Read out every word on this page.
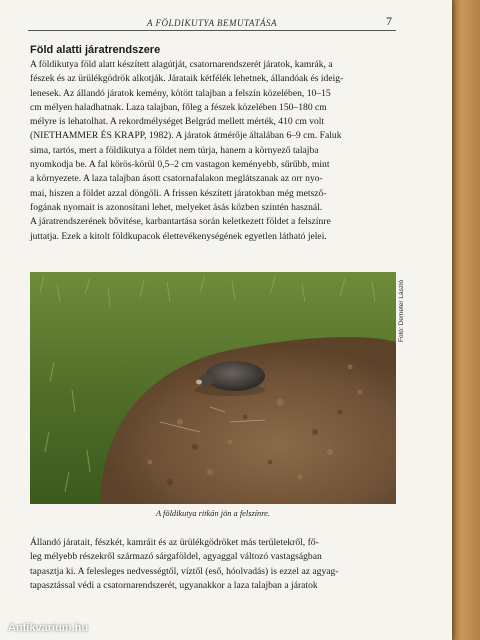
A FÖLDIKUTYA BEMUTATÁSA	7
Föld alatti járatrendszere

A földikutya föld alatt készített alagútját, csatornarendszerét járatok, kamrák, a

fészek és az ürülékgödrök alkotják. Járataik kétfélék lehetnek, állandóak és ideig-

lenesek. Az állandó járatok kemény, kötött talajban a felszín közelében, 10–15

cm mélyen haladhatnak. Laza talajban, főleg a fészek közelében 150–180 cm

mélyre is lehatolhat. A rekordmélységet Belgrád mellett mérték, 410 cm volt

(NIETHAMMER ÉS KRAPP, 1982). A járatok átmérője általában 6–9 cm. Faluk

sima, tartós, mert a földikutya a földet nem túrja, hanem a környező talajba

nyomkodja be. A fal körös-körül 0,5–2 cm vastagon keményebb, sűrűbb, mint

a környezete. A laza talajban ásott csatornafalakon meglátszanak az orr nyo-

mai, hiszen a földet azzal döngöli. A frissen készített járatokban még metsző-

fogának nyomait is azonosítani lehet, melyeket ásás közben szintén használ.

A járatrendszerének bővítése, karbantartása során keletkezett földet a felszínre

juttatja. Ezek a kitolt földkupacok élettevékenységének egyetlen látható jelei.

Fotó: Demeter László
A földikutya ritkán jön a felszínre.

Állandó járatait, fészkét, kamráit és az ürülékgödröket más területekről, fő-

leg mélyebb részekről származó sárgaföldel, agyaggal változó vastagságban

tapasztja ki. A felesleges nedvességtől, víztől (eső, hóolvadás) is ezzel az agyag-

tapasztással védi a csatornarendszerét, ugyanakkor a laza talajban a járatok

Antikvarium.hu
